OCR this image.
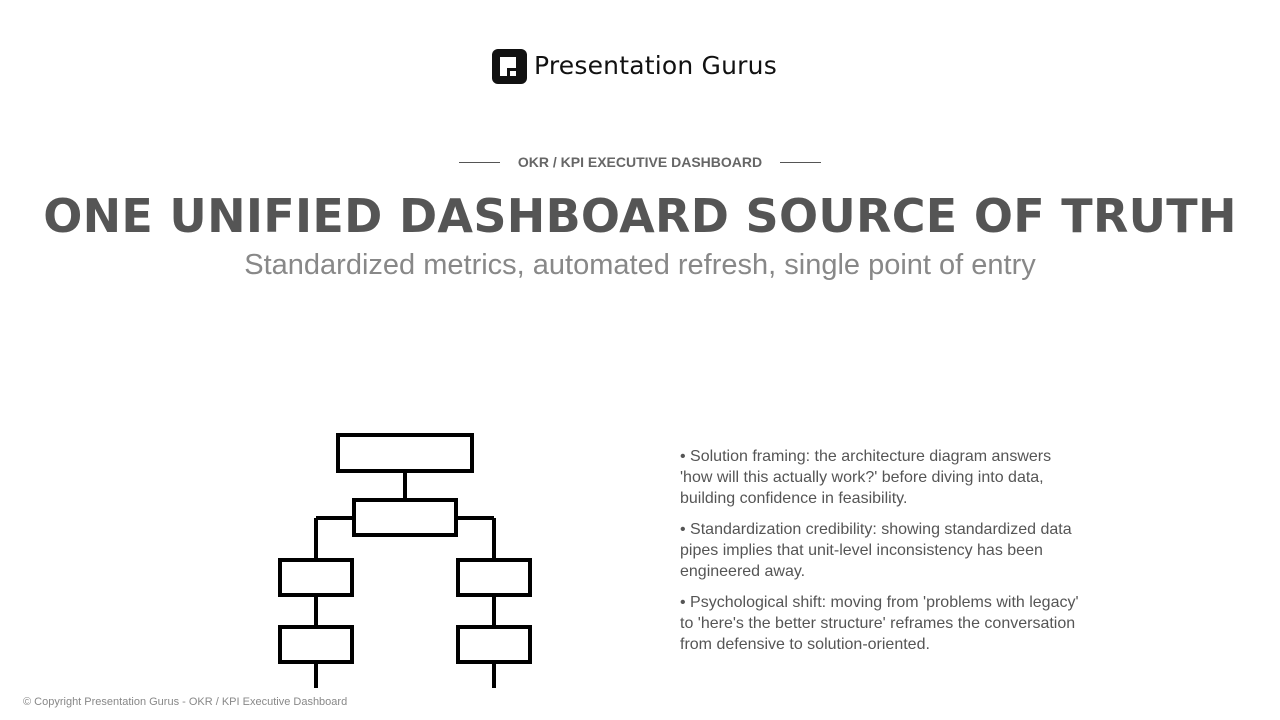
Presentation Gurus
OKR / KPI EXECUTIVE DASHBOARD
ONE UNIFIED DASHBOARD SOURCE OF TRUTH
Standardized metrics, automated refresh, single point of entry

• Solution framing: the architecture diagram answers 'how will this actually work?' before diving into data, building confidence in feasibility.

• Standardization credibility: showing standardized data pipes implies that unit-level inconsistency has been engineered away.

• Psychological shift: moving from 'problems with legacy' to 'here's the better structure' reframes the conversation from defensive to solution-oriented.

© Copyright Presentation Gurus - OKR / KPI Executive Dashboard
